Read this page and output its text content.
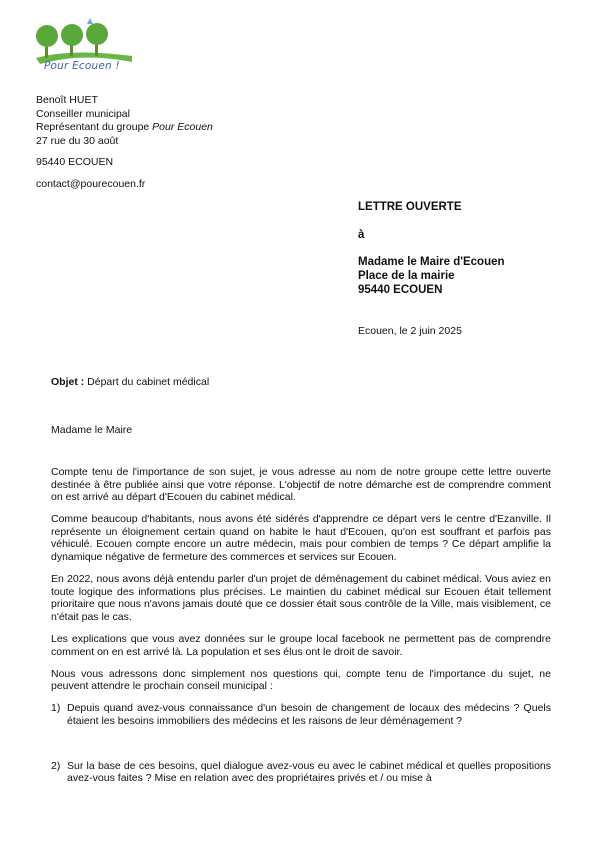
Pour Ecouen !
Benoît HUET
Conseiller municipal
Représentant du groupe Pour Ecouen
27 rue du 30 août
95440 ECOUEN
contact@pourecouen.fr
LETTRE OUVERTE
à
Madame le Maire d'Ecouen
Place de la mairie
95440 ECOUEN
Ecouen, le 2 juin 2025
Objet : Départ du cabinet médical
Madame le Maire

Compte tenu de l'importance de son sujet, je vous adresse au nom de notre groupe cette lettre ouverte destinée à être publiée ainsi que votre réponse. L'objectif de notre démarche est de comprendre comment on est arrivé au départ d'Ecouen du cabinet médical.

Comme beaucoup d'habitants, nous avons été sidérés d'apprendre ce départ vers le centre d'Ezanville. Il représente un éloignement certain quand on habite le haut d'Ecouen, qu'on est souffrant et parfois pas véhiculé. Ecouen compte encore un autre médecin, mais pour combien de temps ? Ce départ amplifie la dynamique négative de fermeture des commerces et services sur Ecouen.

En 2022, nous avons déjà entendu parler d'un projet de déménagement du cabinet médical. Vous aviez en toute logique des informations plus précises. Le maintien du cabinet médical sur Ecouen était tellement prioritaire que nous n'avons jamais douté que ce dossier était sous contrôle de la Ville, mais visiblement, ce n'était pas le cas.

Les explications que vous avez données sur le groupe local facebook ne permettent pas de comprendre comment on en est arrivé là. La population et ses élus ont le droit de savoir.

Nous vous adressons donc simplement nos questions qui, compte tenu de l'importance du sujet, ne peuvent attendre le prochain conseil municipal :

1) Depuis quand avez-vous connaissance d'un besoin de changement de locaux des médecins ? Quels étaient les besoins immobiliers des médecins et les raisons de leur déménagement ?
2) Sur la base de ces besoins, quel dialogue avez-vous eu avec le cabinet médical et quelles propositions avez-vous faites ? Mise en relation avec des propriétaires privés et / ou mise à
